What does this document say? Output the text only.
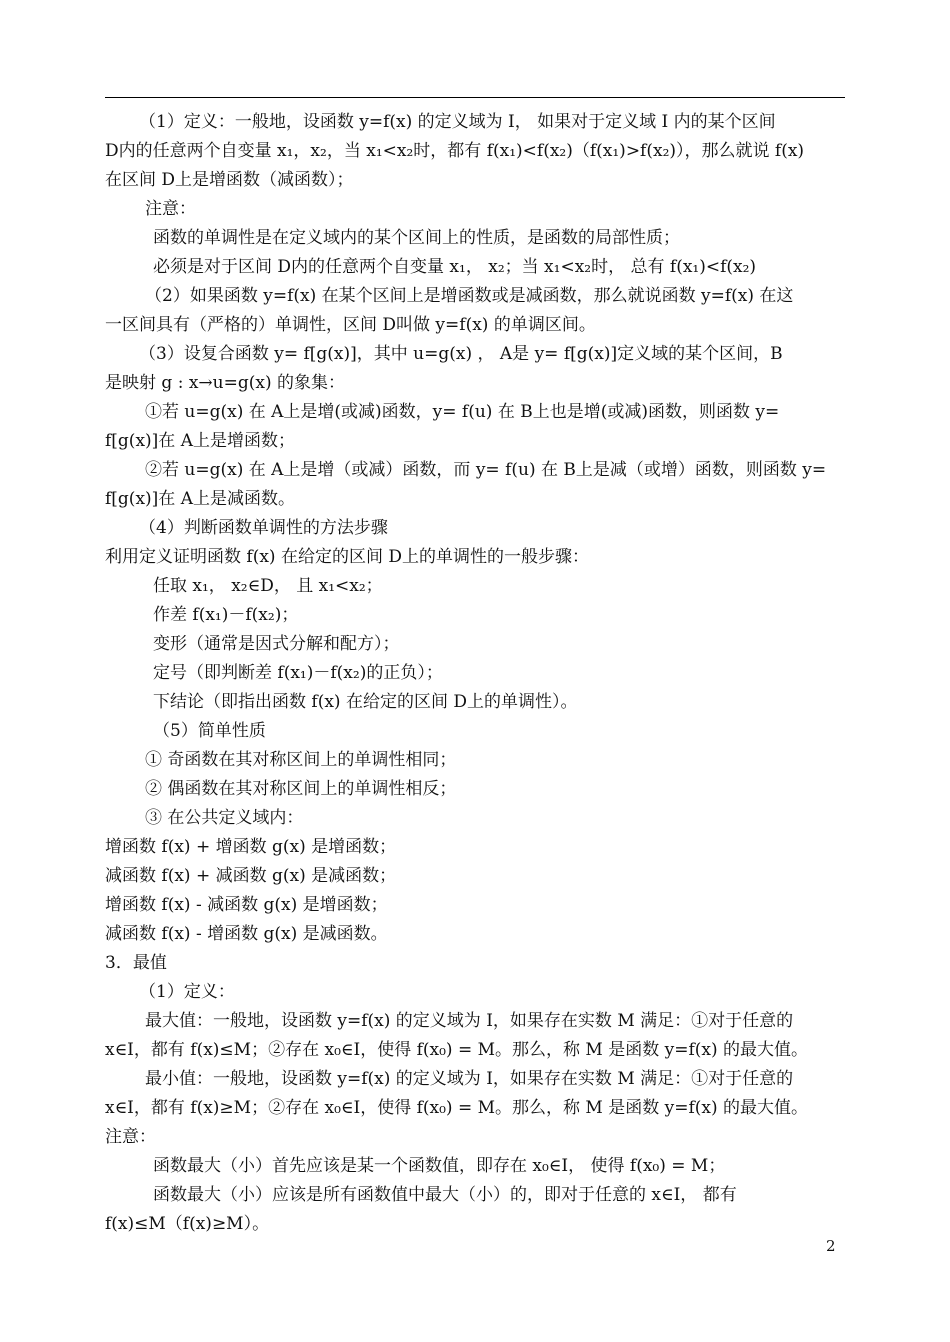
（1）定义：一般地，设函数 y=f(x) 的定义域为 I， 如果对于定义域 I 内的某个区间
D内的任意两个自变量 x₁，x₂，当 x₁<x₂时，都有 f(x₁)<f(x₂)（f(x₁)>f(x₂)），那么就说 f(x)
在区间 D上是增函数（减函数）；
注意：
函数的单调性是在定义域内的某个区间上的性质，是函数的局部性质；
必须是对于区间 D内的任意两个自变量 x₁， x₂；当 x₁<x₂时， 总有 f(x₁)<f(x₂)
（2）如果函数 y=f(x) 在某个区间上是增函数或是减函数，那么就说函数 y=f(x) 在这
一区间具有（严格的）单调性，区间 D叫做 y=f(x) 的单调区间。
（3）设复合函数 y= f[g(x)]，其中 u=g(x) ， A是 y= f[g(x)]定义域的某个区间，B
是映射 g : x→u=g(x) 的象集：
①若 u=g(x) 在 A上是增(或减)函数，y= f(u) 在 B上也是增(或减)函数，则函数 y=
f[g(x)]在 A上是增函数；
②若 u=g(x) 在 A上是增（或减）函数，而 y= f(u) 在 B上是减（或增）函数，则函数 y=
f[g(x)]在 A上是减函数。
（4）判断函数单调性的方法步骤
利用定义证明函数 f(x) 在给定的区间 D上的单调性的一般步骤：
任取 x₁， x₂∈D， 且 x₁<x₂；
作差 f(x₁)－f(x₂)；
变形（通常是因式分解和配方）；
定号（即判断差 f(x₁)－f(x₂)的正负）；
下结论（即指出函数 f(x) 在给定的区间 D上的单调性）。
（5）简单性质
① 奇函数在其对称区间上的单调性相同；
② 偶函数在其对称区间上的单调性相反；
③ 在公共定义域内：
增函数 f(x) + 增函数 g(x) 是增函数；
减函数 f(x) + 减函数 g(x) 是减函数；
增函数 f(x) - 减函数 g(x) 是增函数；
减函数 f(x) - 增函数 g(x) 是减函数。
3．最值
（1）定义：
最大值：一般地，设函数 y=f(x) 的定义域为 I，如果存在实数 M 满足：①对于任意的
x∈I，都有 f(x)≤M；②存在 x₀∈I，使得 f(x₀) = M。那么，称 M 是函数 y=f(x) 的最大值。
最小值：一般地，设函数 y=f(x) 的定义域为 I，如果存在实数 M 满足：①对于任意的
x∈I，都有 f(x)≥M；②存在 x₀∈I，使得 f(x₀) = M。那么，称 M 是函数 y=f(x) 的最大值。
注意：
函数最大（小）首先应该是某一个函数值，即存在 x₀∈I， 使得 f(x₀) = M；
函数最大（小）应该是所有函数值中最大（小）的，即对于任意的 x∈I， 都有
f(x)≤M（f(x)≥M）。
2
